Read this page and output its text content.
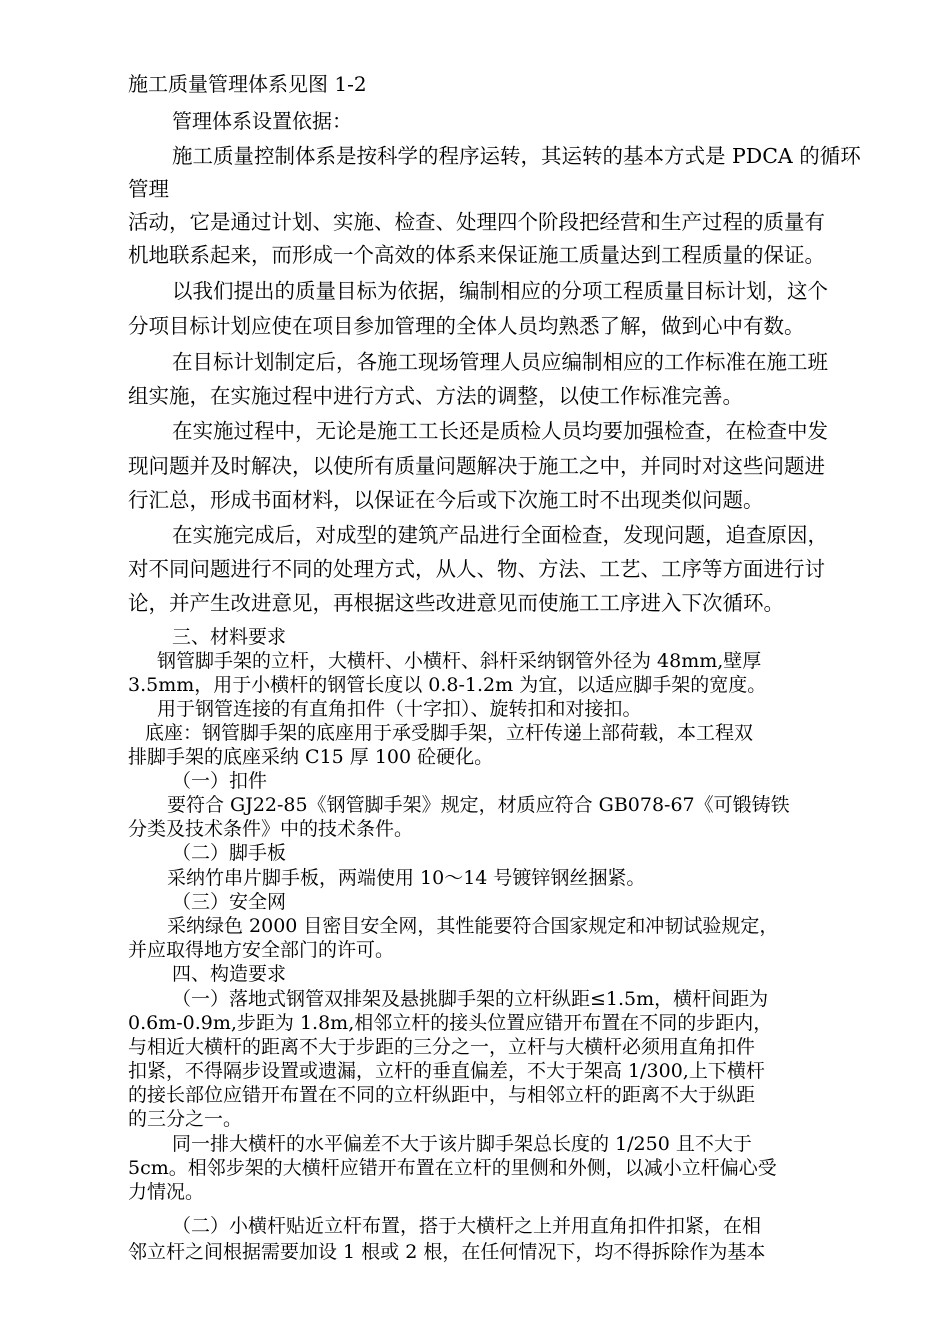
施工质量管理体系见图 1-2
管理体系设置依据：
施工质量控制体系是按科学的程序运转，其运转的基本方式是 PDCA 的循环
管理
活动，它是通过计划、实施、检查、处理四个阶段把经营和生产过程的质量有
机地联系起来，而形成一个高效的体系来保证施工质量达到工程质量的保证。
以我们提出的质量目标为依据，编制相应的分项工程质量目标计划，这个
分项目标计划应使在项目参加管理的全体人员均熟悉了解，做到心中有数。
在目标计划制定后，各施工现场管理人员应编制相应的工作标准在施工班
组实施，在实施过程中进行方式、方法的调整，以使工作标准完善。
在实施过程中，无论是施工工长还是质检人员均要加强检查，在检查中发
现问题并及时解决，以使所有质量问题解决于施工之中，并同时对这些问题进
行汇总，形成书面材料，以保证在今后或下次施工时不出现类似问题。
在实施完成后，对成型的建筑产品进行全面检查，发现问题，追查原因，
对不同问题进行不同的处理方式，从人、物、方法、工艺、工序等方面进行讨
论，并产生改进意见，再根据这些改进意见而使施工工序进入下次循环。
三、材料要求
钢管脚手架的立杆，大横杆、小横杆、斜杆采纳钢管外径为 48mm,壁厚
3.5mm，用于小横杆的钢管长度以 0.8-1.2m 为宜，以适应脚手架的宽度。
用于钢管连接的有直角扣件（十字扣）、旋转扣和对接扣。
底座：钢管脚手架的底座用于承受脚手架，立杆传递上部荷载，本工程双
排脚手架的底座采纳 C15 厚 100 砼硬化。
（一）扣件
要符合 GJ22-85《钢管脚手架》规定，材质应符合 GB078-67《可锻铸铁
分类及技术条件》中的技术条件。
（二）脚手板
采纳竹串片脚手板，两端使用 10～14 号镀锌钢丝捆紧。
（三）安全网
采纳绿色 2000 目密目安全网，其性能要符合国家规定和冲韧试验规定，
并应取得地方安全部门的许可。
四、构造要求
（一）落地式钢管双排架及悬挑脚手架的立杆纵距≤1.5m，横杆间距为
0.6m-0.9m,步距为 1.8m,相邻立杆的接头位置应错开布置在不同的步距内，
与相近大横杆的距离不大于步距的三分之一，立杆与大横杆必须用直角扣件
扣紧，不得隔步设置或遗漏，立杆的垂直偏差，不大于架高 1/300,上下横杆
的接长部位应错开布置在不同的立杆纵距中，与相邻立杆的距离不大于纵距
的三分之一。
同一排大横杆的水平偏差不大于该片脚手架总长度的 1/250 且不大于
5cm。相邻步架的大横杆应错开布置在立杆的里侧和外侧，以减小立杆偏心受
力情况。
（二）小横杆贴近立杆布置，搭于大横杆之上并用直角扣件扣紧，在相
邻立杆之间根据需要加设 1 根或 2 根，在任何情况下，均不得拆除作为基本
